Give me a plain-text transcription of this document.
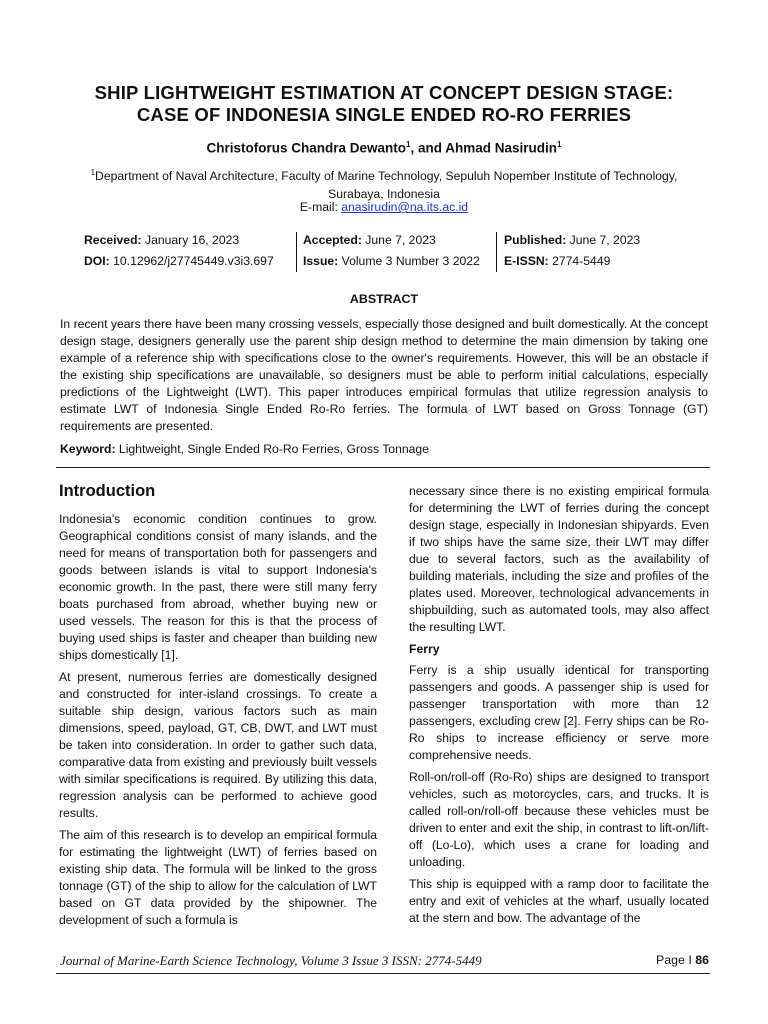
SHIP LIGHTWEIGHT ESTIMATION AT CONCEPT DESIGN STAGE:
CASE OF INDONESIA SINGLE ENDED RO-RO FERRIES
Christoforus Chandra Dewanto$^1$, and Ahmad Nasirudin$^1$
$^1$Department of Naval Architecture, Faculty of Marine Technology, Sepuluh Nopember Institute of Technology,
Surabaya, Indonesia
E-mail: anasirudin@na.its.ac.id
Received: January 16, 2023
DOI: 10.12962/j27745449.v3i3.697
Accepted: June 7, 2023
Issue: Volume 3 Number 3 2022
Published: June 7, 2023
E-ISSN: 2774-5449
ABSTRACT
In recent years there have been many crossing vessels, especially those designed and built domestically. At the concept design stage, designers generally use the parent ship design method to determine the main dimension by taking one example of a reference ship with specifications close to the owner's requirements. However, this will be an obstacle if the existing ship specifications are unavailable, so designers must be able to perform initial calculations, especially predictions of the Lightweight (LWT). This paper introduces empirical formulas that utilize regression analysis to estimate LWT of Indonesia Single Ended Ro-Ro ferries. The formula of LWT based on Gross Tonnage (GT) requirements are presented.
Keyword: Lightweight, Single Ended Ro-Ro Ferries, Gross Tonnage
Introduction

Indonesia's economic condition continues to grow. Geographical conditions consist of many islands, and the need for means of transportation both for passengers and goods between islands is vital to support Indonesia's economic growth. In the past, there were still many ferry boats purchased from abroad, whether buying new or used vessels. The reason for this is that the process of buying used ships is faster and cheaper than building new ships domestically [1].

At present, numerous ferries are domestically designed and constructed for inter-island crossings. To create a suitable ship design, various factors such as main dimensions, speed, payload, GT, CB, DWT, and LWT must be taken into consideration. In order to gather such data, comparative data from existing and previously built vessels with similar specifications is required. By utilizing this data, regression analysis can be performed to achieve good results.

The aim of this research is to develop an empirical formula for estimating the lightweight (LWT) of ferries based on existing ship data. The formula will be linked to the gross tonnage (GT) of the ship to allow for the calculation of LWT based on GT data provided by the shipowner. The development of such a formula is

necessary since there is no existing empirical formula for determining the LWT of ferries during the concept design stage, especially in Indonesian shipyards. Even if two ships have the same size, their LWT may differ due to several factors, such as the availability of building materials, including the size and profiles of the plates used. Moreover, technological advancements in shipbuilding, such as automated tools, may also affect the resulting LWT.

Ferry

Ferry is a ship usually identical for transporting passengers and goods. A passenger ship is used for passenger transportation with more than 12 passengers, excluding crew [2]. Ferry ships can be Ro-Ro ships to increase efficiency or serve more comprehensive needs.

Roll-on/roll-off (Ro-Ro) ships are designed to transport vehicles, such as motorcycles, cars, and trucks. It is called roll-on/roll-off because these vehicles must be driven to enter and exit the ship, in contrast to lift-on/lift-off (Lo-Lo), which uses a crane for loading and unloading.

This ship is equipped with a ramp door to facilitate the entry and exit of vehicles at the wharf, usually located at the stern and bow. The advantage of the

Journal of Marine-Earth Science Technology, Volume 3 Issue 3 ISSN: 2774-5449	Page I 86
